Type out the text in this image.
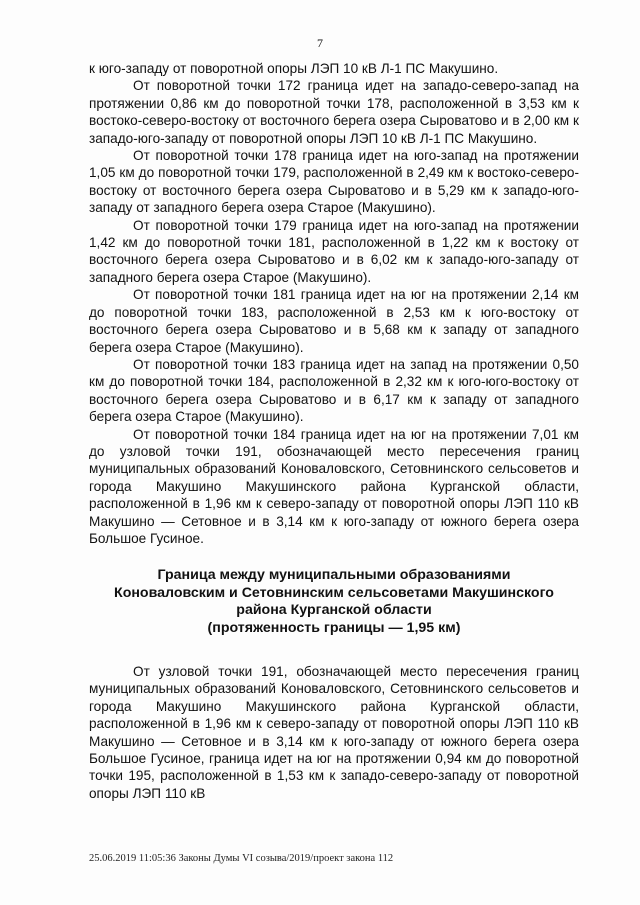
7

к юго-западу от поворотной опоры ЛЭП 10 кВ Л-1 ПС Макушино.

От поворотной точки 172 граница идет на западо-северо-запад на протяжении 0,86 км до поворотной точки 178, расположенной в 3,53 км к востоко-северо-востоку от восточного берега озера Сыроватово и в 2,00 км к западо-юго-западу от поворотной опоры ЛЭП 10 кВ Л-1 ПС Макушино.

От поворотной точки 178 граница идет на юго-запад на протяжении 1,05 км до поворотной точки 179, расположенной в 2,49 км к востоко-северо-востоку от восточного берега озера Сыроватово и в 5,29 км к западо-юго-западу от западного берега озера Старое (Макушино).

От поворотной точки 179 граница идет на юго-запад на протяжении 1,42 км до поворотной точки 181, расположенной в 1,22 км к востоку от восточного берега озера Сыроватово и в 6,02 км к западо-юго-западу от западного берега озера Старое (Макушино).

От поворотной точки 181 граница идет на юг на протяжении 2,14 км до поворотной точки 183, расположенной в 2,53 км к юго-востоку от восточного берега озера Сыроватово и в 5,68 км к западу от западного берега озера Старое (Макушино).

От поворотной точки 183 граница идет на запад на протяжении 0,50 км до поворотной точки 184, расположенной в 2,32 км к юго-юго-востоку от восточного берега озера Сыроватово и в 6,17 км к западу от западного берега озера Старое (Макушино).

От поворотной точки 184 граница идет на юг на протяжении 7,01 км до узловой точки 191, обозначающей место пересечения границ муниципальных образований Коноваловского, Сетовнинского сельсоветов и города Макушино Макушинского района Курганской области, расположенной в 1,96 км к северо-западу от поворотной опоры ЛЭП 110 кВ Макушино — Сетовное и в 3,14 км к юго-западу от южного берега озера Большое Гусиное.

Граница между муниципальными образованиями
Коноваловским и Сетовнинским сельсоветами Макушинского
района Курганской области
(протяженность границы — 1,95 км)

От узловой точки 191, обозначающей место пересечения границ муниципальных образований Коноваловского, Сетовнинского сельсоветов и города Макушино Макушинского района Курганской области, расположенной в 1,96 км к северо-западу от поворотной опоры ЛЭП 110 кВ Макушино — Сетовное и в 3,14 км к юго-западу от южного берега озера Большое Гусиное, граница идет на юг на протяжении 0,94 км до поворотной точки 195, расположенной в 1,53 км к западо-северо-западу от поворотной опоры ЛЭП 110 кВ

25.06.2019 11:05:36 Законы Думы VI созыва/2019/проект закона 112
